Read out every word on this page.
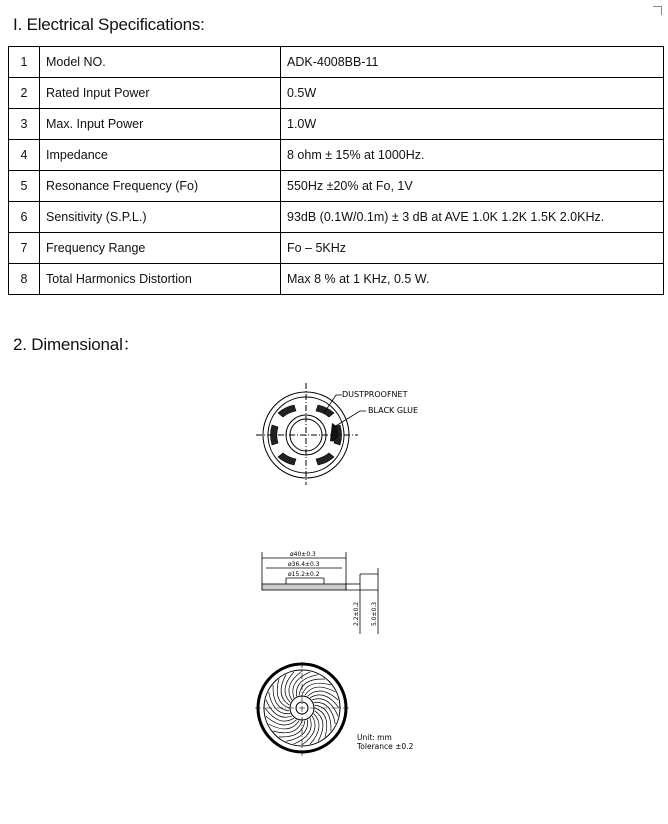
I. Electrical Specifications:
1	Model NO.	ADK-4008BB-11
2	Rated Input Power	0.5W
3	Max. Input Power	1.0W
4	Impedance	8 ohm ± 15% at 1000Hz.
5	Resonance Frequency (Fo)	550Hz ±20% at Fo, 1V
6	Sensitivity (S.P.L.)	93dB (0.1W/0.1m) ± 3 dB at AVE 1.0K 1.2K 1.5K 2.0KHz.
7	Frequency Range	Fo – 5KHz
8	Total Harmonics Distortion	Max 8 % at 1 KHz, 0.5 W.
2. Dimensional：
DUSTPROOFNET
BLACK GLUE
ø40±0.3
ø36.4±0.3
ø15.2±0.2
2.2±0.2 5.0±0.3
Unit: mm
Tolerance ±0.2
